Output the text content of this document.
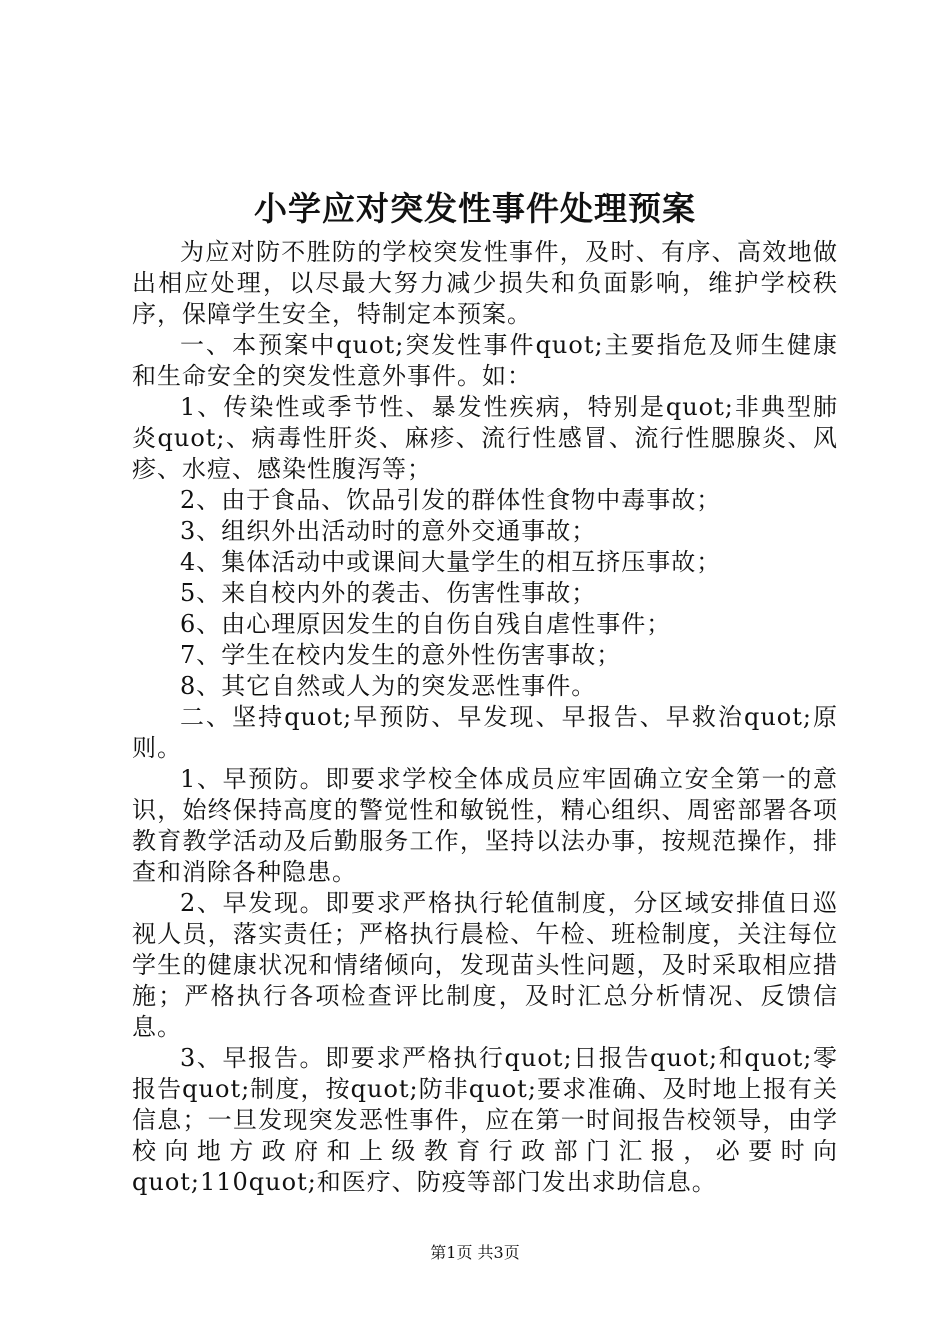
小学应对突发性事件处理预案

为应对防不胜防的学校突发性事件，及时、有序、高效地做出相应处理，以尽最大努力减少损失和负面影响，维护学校秩序，保障学生安全，特制定本预案。

一、本预案中quot;突发性事件quot;主要指危及师生健康和生命安全的突发性意外事件。如：

1、传染性或季节性、暴发性疾病，特别是quot;非典型肺炎quot;、病毒性肝炎、麻疹、流行性感冒、流行性腮腺炎、风疹、水痘、感染性腹泻等；

2、由于食品、饮品引发的群体性食物中毒事故；

3、组织外出活动时的意外交通事故；

4、集体活动中或课间大量学生的相互挤压事故；

5、来自校内外的袭击、伤害性事故；

6、由心理原因发生的自伤自残自虐性事件；

7、学生在校内发生的意外性伤害事故；

8、其它自然或人为的突发恶性事件。

二、坚持quot;早预防、早发现、早报告、早救治quot;原则。

1、早预防。即要求学校全体成员应牢固确立安全第一的意识，始终保持高度的警觉性和敏锐性，精心组织、周密部署各项教育教学活动及后勤服务工作，坚持以法办事，按规范操作，排查和消除各种隐患。

2、早发现。即要求严格执行轮值制度，分区域安排值日巡视人员，落实责任；严格执行晨检、午检、班检制度，关注每位学生的健康状况和情绪倾向，发现苗头性问题，及时采取相应措施；严格执行各项检查评比制度，及时汇总分析情况、反馈信息。

3、早报告。即要求严格执行quot;日报告quot;和quot;零报告quot;制度，按quot;防非quot;要求准确、及时地上报有关信息；一旦发现突发恶性事件，应在第一时间报告校领导，由学校向地方政府和上级教育行政部门汇报，必要时向quot;110quot;和医疗、防疫等部门发出求助信息。

第1页 共3页
